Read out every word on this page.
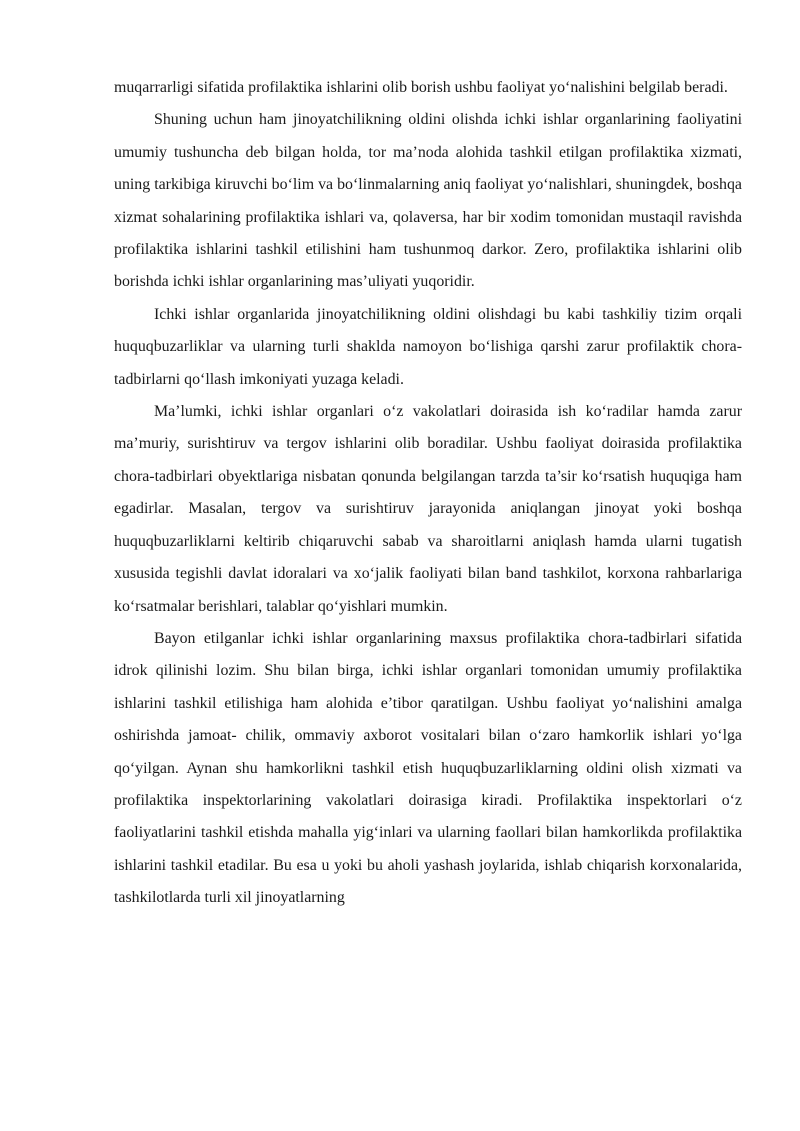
muqarrarligi sifatida profilaktika ishlarini olib borish ushbu faoliyat yo‘nalishini belgilab beradi.

Shuning uchun ham jinoyatchilikning oldini olishda ichki ishlar organlarining faoliyatini umumiy tushuncha deb bilgan holda, tor ma’noda alohida tashkil etilgan profilaktika xizmati, uning tarkibiga kiruvchi bo‘lim va bo‘linmalarning aniq faoliyat yo‘nalishlari, shuningdek, boshqa xizmat sohalarining profilaktika ishlari va, qolaversa, har bir xodim tomonidan mustaqil ravishda profilaktika ishlarini tashkil etilishini ham tushunmoq darkor. Zero, profilaktika ishlarini olib borishda ichki ishlar organlarining mas’uliyati yuqoridir.

Ichki ishlar organlarida jinoyatchilikning oldini olishdagi bu kabi tashkiliy tizim orqali huquqbuzarliklar va ularning turli shaklda namoyon bo‘lishiga qarshi zarur profilaktik chora-tadbirlarni qo‘llash imkoniyati yuzaga keladi.

Ma’lumki, ichki ishlar organlari o‘z vakolatlari doirasida ish ko‘radilar hamda zarur ma’muriy, surishtiruv va tergov ishlarini olib boradilar. Ushbu faoliyat doirasida profilaktika chora-tadbirlari obyektlariga nisbatan qonunda belgilangan tarzda ta’sir ko‘rsatish huquqiga ham egadirlar. Masalan, tergov va surishtiruv jarayonida aniqlangan jinoyat yoki boshqa huquqbuzarliklarni keltirib chiqaruvchi sabab va sharoitlarni aniqlash hamda ularni tugatish xususida tegishli davlat idoralari va xo‘jalik faoliyati bilan band tashkilot, korxona rahbarlariga ko‘rsatmalar berishlari, talablar qo‘yishlari mumkin.

Bayon etilganlar ichki ishlar organlarining maxsus profilaktika chora-tadbirlari sifatida idrok qilinishi lozim. Shu bilan birga, ichki ishlar organlari tomonidan umumiy profilaktika ishlarini tashkil etilishiga ham alohida e’tibor qaratilgan. Ushbu faoliyat yo‘nalishini amalga oshirishda jamoat- chilik, ommaviy axborot vositalari bilan o‘zaro hamkorlik ishlari yo‘lga qo‘yilgan. Aynan shu hamkorlikni tashkil etish huquqbuzarliklarning oldini olish xizmati va profilaktika inspektorlarining vakolatlari doirasiga kiradi. Profilaktika inspektorlari o‘z faoliyatlarini tashkil etishda mahalla yig‘inlari va ularning faollari bilan hamkorlikda profilaktika ishlarini tashkil etadilar. Bu esa u yoki bu aholi yashash joylarida, ishlab chiqarish korxonalarida, tashkilotlarda turli xil jinoyatlarning
